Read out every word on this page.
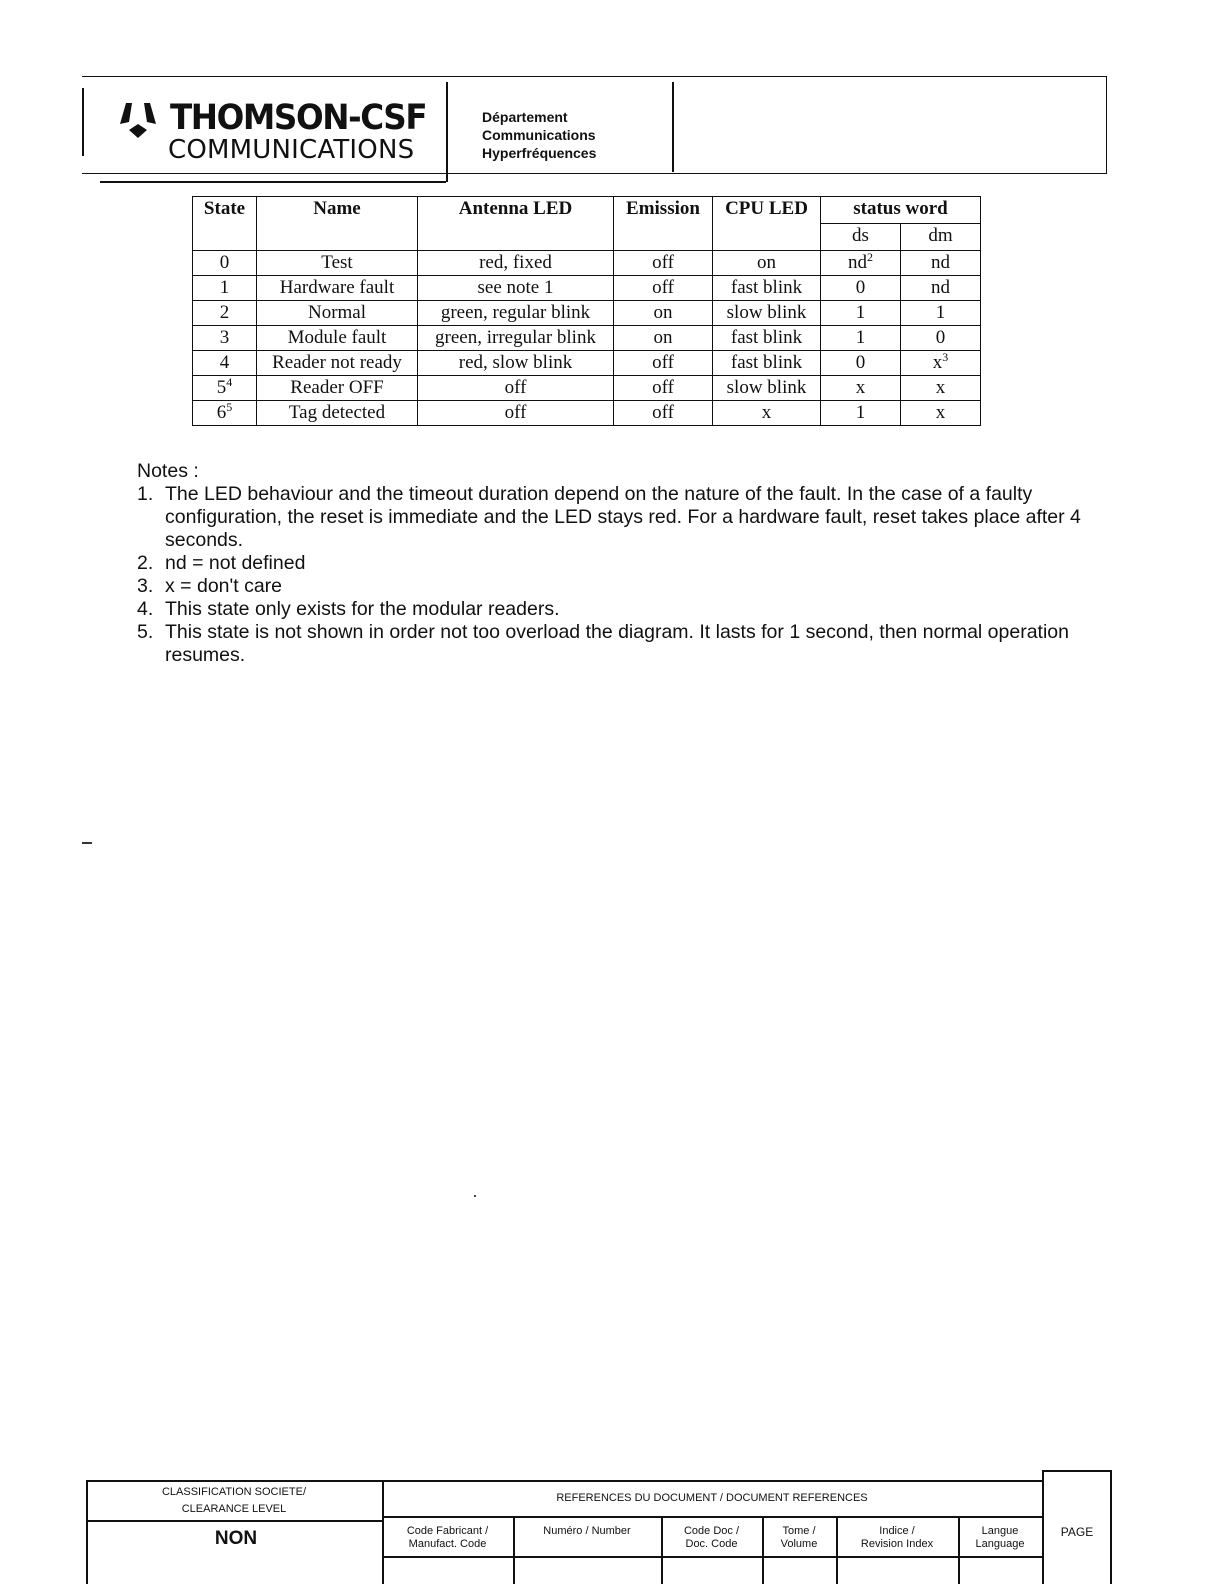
THOMSON-CSF
COMMUNICATIONS
Département
Communications
Hyperfréquences
State	Name	Antenna LED	Emission	CPU LED	status word	
					ds	dm
0	Test	red, fixed	off	on	$nd^2$	nd
1	Hardware fault	see note 1	off	fast blink	0	nd
2	Normal	green, regular blink	on	slow blink	1	1
3	Module fault	green, irregular blink	on	fast blink	1	0
4	Reader not ready	red, slow blink	off	fast blink	0	$x^3$
$5^4$	Reader OFF	off	off	slow blink	x	x
$6^5$	Tag detected	off	off	x	1	x
Notes :
1. The LED behaviour and the timeout duration depend on the nature of the fault. In the case of a faulty configuration, the reset is immediate and the LED stays red. For a hardware fault, reset takes place after 4 seconds.
2. nd = not defined
3. x = don't care
4. This state only exists for the modular readers.
5. This state is not shown in order not too overload the diagram. It lasts for 1 second, then normal operation resumes.
CLASSIFICATION SOCIETE/
CLEARANCE LEVEL
NON
REFERENCES DU DOCUMENT / DOCUMENT REFERENCES
Code Fabricant /
Manufact. Code
Numéro / Number	Code Doc /
Doc. Code
Tome /
Volume
Indice /
Revision Index
Langue
Language
PAGE
